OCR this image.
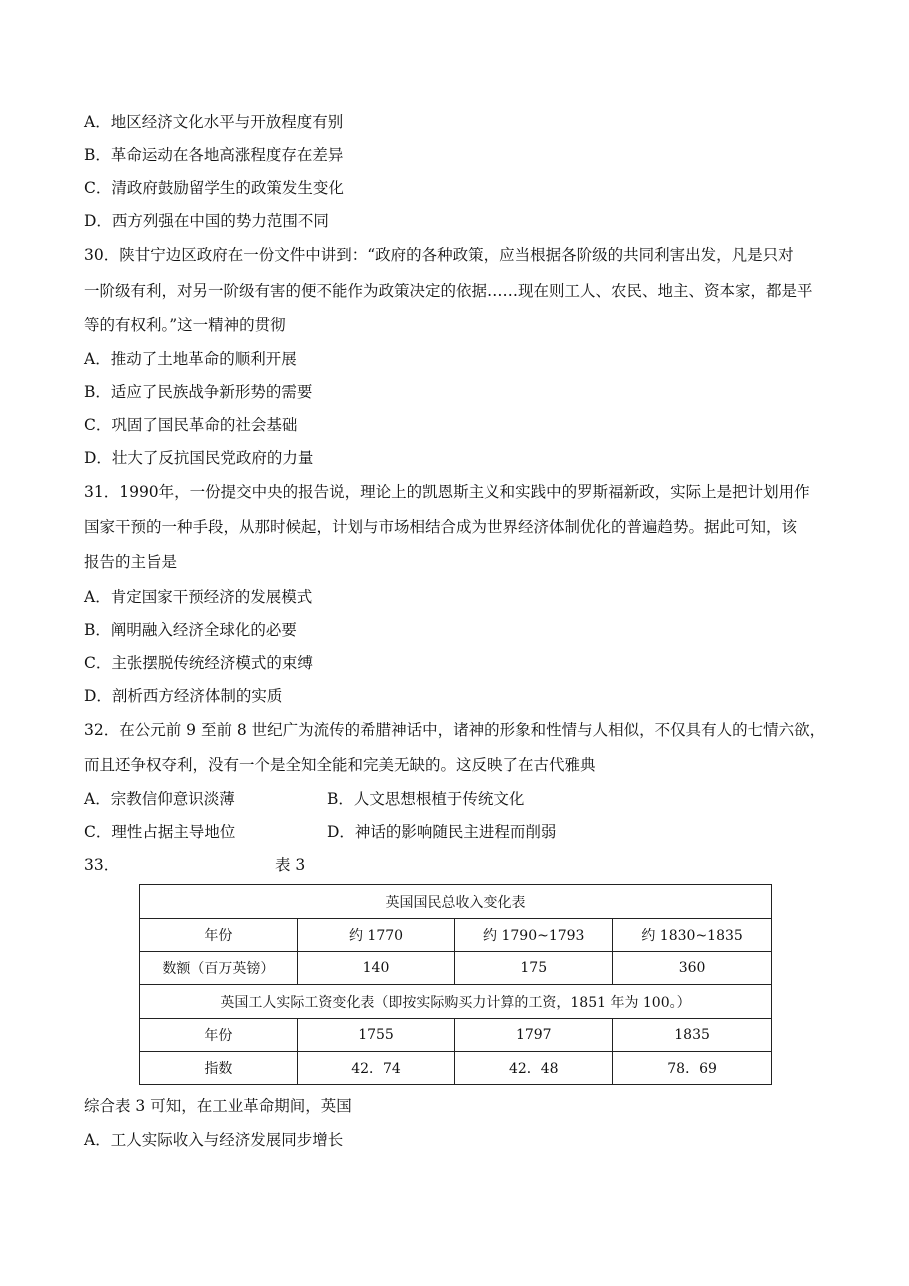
A．地区经济文化水平与开放程度有别
B．革命运动在各地高涨程度存在差异
C．清政府鼓励留学生的政策发生变化
D．西方列强在中国的势力范围不同
30．陕甘宁边区政府在一份文件中讲到：“政府的各种政策，应当根据各阶级的共同利害出发，凡是只对
一阶级有利，对另一阶级有害的便不能作为政策决定的依据……现在则工人、农民、地主、资本家，都是平
等的有权利。”这一精神的贯彻
A．推动了土地革命的顺利开展
B．适应了民族战争新形势的需要
C．巩固了国民革命的社会基础
D．壮大了反抗国民党政府的力量
31．1990年，一份提交中央的报告说，理论上的凯恩斯主义和实践中的罗斯福新政，实际上是把计划用作
国家干预的一种手段，从那时候起，计划与市场相结合成为世界经济体制优化的普遍趋势。据此可知，该
报告的主旨是
A．肯定国家干预经济的发展模式
B．阐明融入经济全球化的必要
C．主张摆脱传统经济模式的束缚
D．剖析西方经济体制的实质
32．在公元前 9 至前 8 世纪广为流传的希腊神话中，诸神的形象和性情与人相似，不仅具有人的七情六欲，
而且还争权夺利，没有一个是全知全能和完美无缺的。这反映了在古代雅典
A．宗教信仰意识淡薄	B．人文思想根植于传统文化
C．理性占据主导地位	D．神话的影响随民主进程而削弱
33．	表 3
英国国民总收入变化表			
年份	约 1770	约 1790~1793	约 1830~1835
数额（百万英镑）	140	175	360
英国工人实际工资变化表（即按实际购买力计算的工资，1851 年为 100。）			
年份	1755	1797	1835
指数	42．74	42．48	78．69
综合表 3 可知，在工业革命期间，英国
A．工人实际收入与经济发展同步增长
